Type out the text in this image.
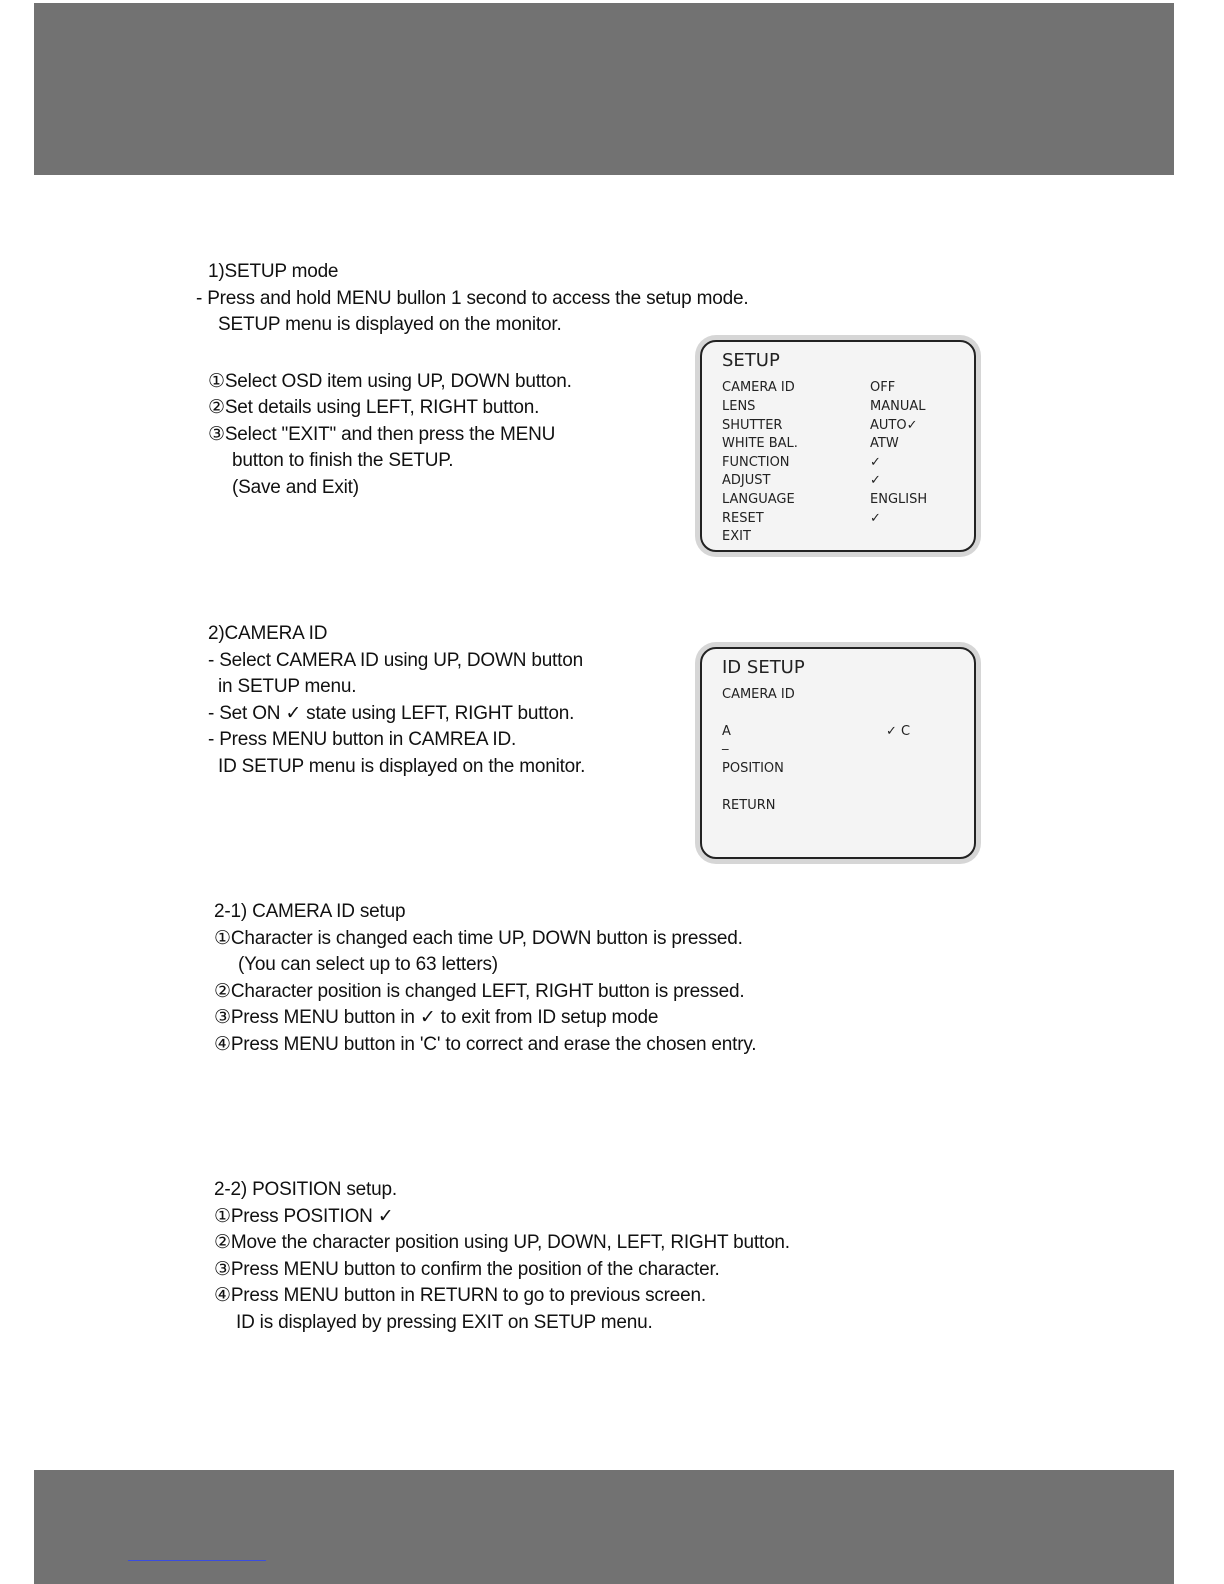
1)SETUP mode
- Press and hold MENU bullon 1 second to access the setup mode.
SETUP menu is displayed on the monitor.
①Select OSD item using UP, DOWN button.
②Set details using LEFT, RIGHT button.
③Select "EXIT" and then press the MENU
button to finish the SETUP.
(Save and Exit)
SETUP
CAMERA ID	OFF
LENS	MANUAL
SHUTTER	AUTO✓
WHITE BAL.	ATW
FUNCTION	✓
ADJUST	✓
LANGUAGE	ENGLISH
RESET	✓
EXIT
2)CAMERA ID
- Select CAMERA ID using UP, DOWN button
in SETUP menu.
- Set ON ✓ state using LEFT, RIGHT button.
- Press MENU button in CAMREA ID.
ID SETUP menu is displayed on the monitor.
ID SETUP
CAMERA ID
A	✓ C
_
POSITION
RETURN
2-1) CAMERA ID setup
①Character is changed each time UP, DOWN button is pressed.
(You can select up to 63 letters)
②Character position is changed LEFT, RIGHT button is pressed.
③Press MENU button in ✓ to exit from ID setup mode
④Press MENU button in 'C' to correct and erase the chosen entry.
2-2) POSITION setup.
①Press POSITION ✓
②Move the character position using UP, DOWN, LEFT, RIGHT button.
③Press MENU button to confirm the position of the character.
④Press MENU button in RETURN to go to previous screen.
ID is displayed by pressing EXIT on SETUP menu.
